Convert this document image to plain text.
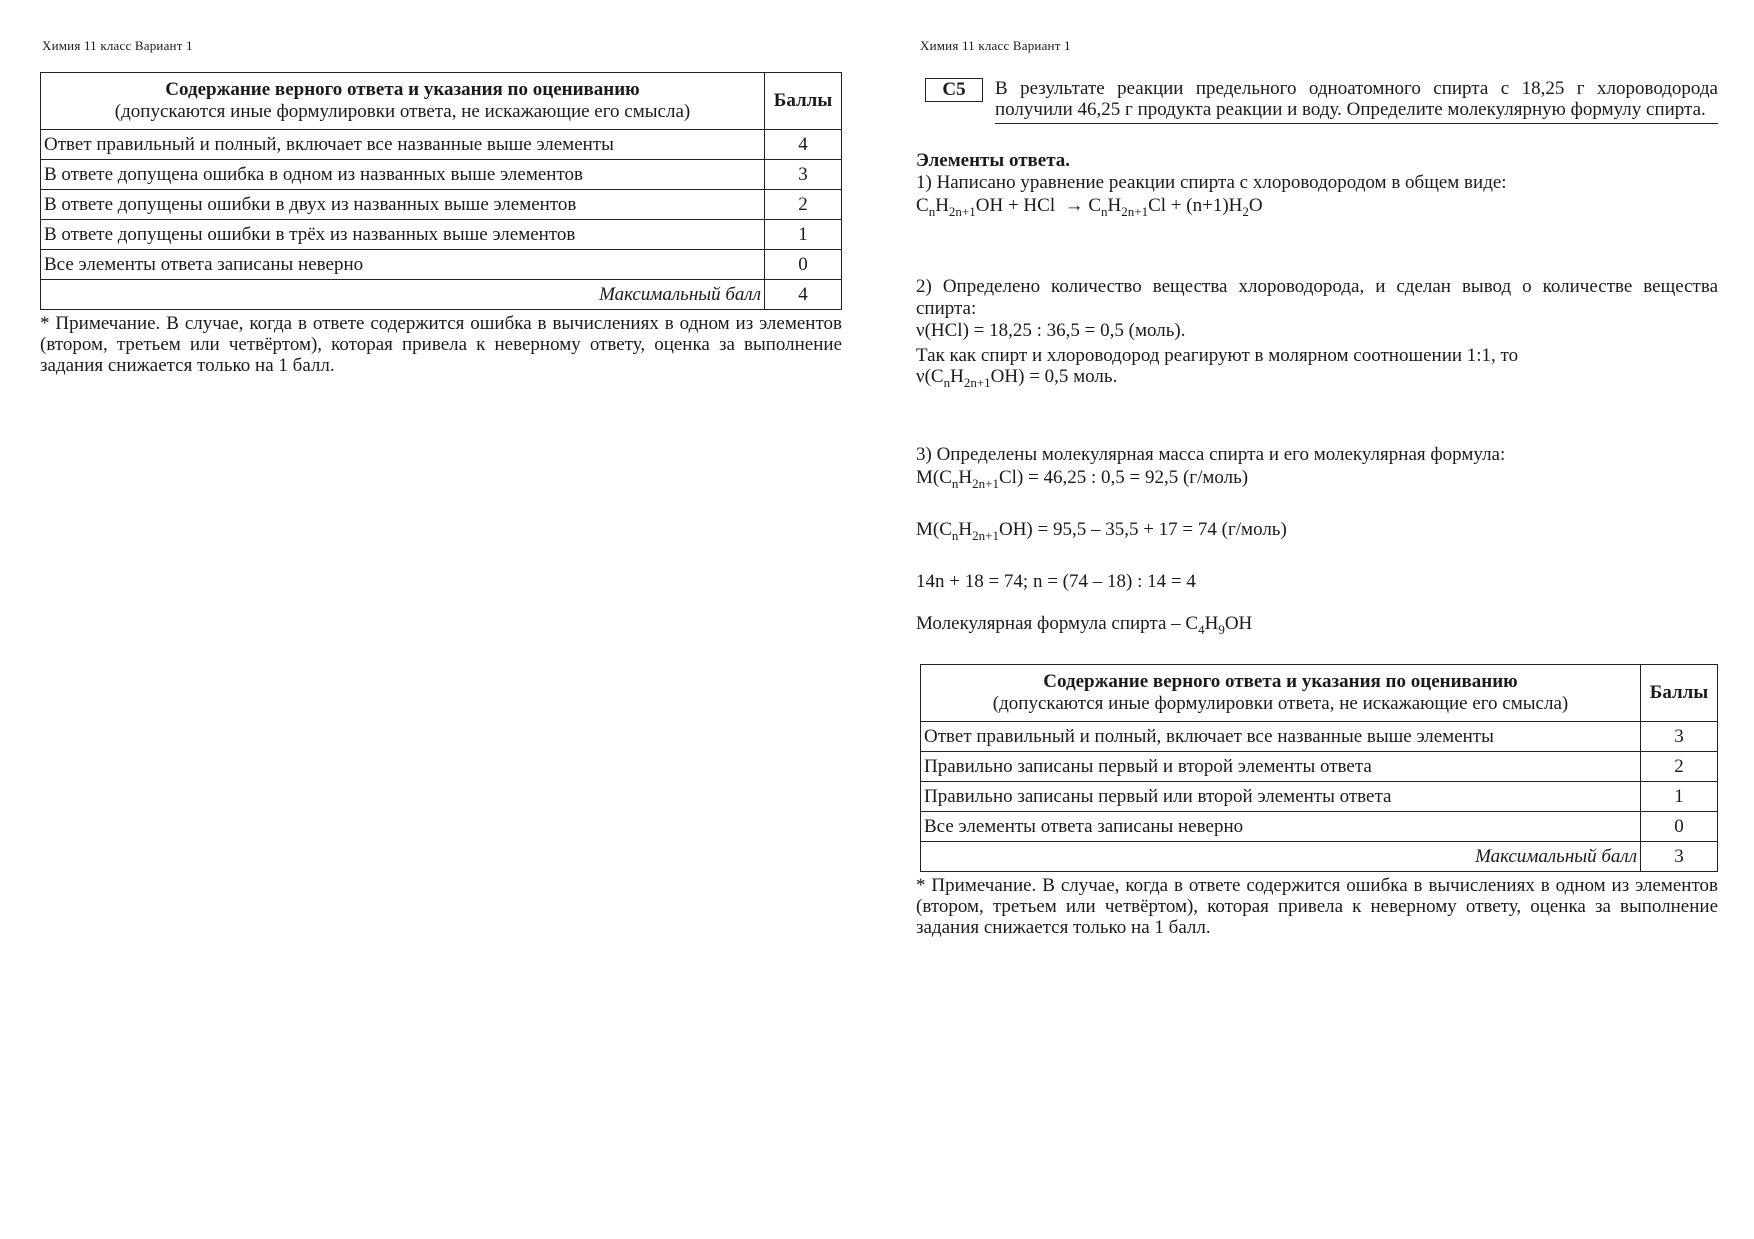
Химия 11 класс Вариант 1
Содержание верного ответа и указания по оцениванию
(допускаются иные формулировки ответа, не искажающие его смысла)	Баллы
Ответ правильный и полный, включает все названные выше элементы	4
В ответе допущена ошибка в одном из названных выше элементов	3
В ответе допущены ошибки в двух из названных выше элементов	2
В ответе допущены ошибки в трёх из названных выше элементов	1
Все элементы ответа записаны неверно	0
Максимальный балл	4
* Примечание. В случае, когда в ответе содержится ошибка в вычислениях в одном из элементов (втором, третьем или четвёртом), которая привела к неверному ответу, оценка за выполнение задания снижается только на 1 балл.
Химия 11 класс Вариант 1
C5	В результате реакции предельного одноатомного спирта с 18,25 г хлороводорода получили 46,25 г продукта реакции и воду. Определите молекулярную формулу спирта.

Элементы ответа.

1) Написано уравнение реакции спирта с хлороводородом в общем виде:

$C_nH_{2n+1}OH$ + HCl  → $C_nH_{2n+1}Cl + (n+1)H_2O$

2) Определено количество вещества хлороводорода, и сделан вывод о количестве вещества спирта:

ν(HCl) = 18,25 : 36,5 = 0,5 (моль).

Так как спирт и хлороводород реагируют в молярном соотношении 1:1, то

$\nu(C_nH_{2n+1}OH) = 0,5$ моль.

3) Определены молекулярная масса спирта и его молекулярная формула:

$M(C_nH_{2n+1}Cl) = 46,25$ : 0,5 = 92,5 (г/моль)
$M(C_nH_{2n+1}OH) = 95,5 - 35,5 + 17 = 74$ (г/моль)
14n + 18 = 74; n = (74 – 18) : 14 = 4
Молекулярная формула спирта – $C_4H_9OH$
Содержание верного ответа и указания по оцениванию
(допускаются иные формулировки ответа, не искажающие его смысла)	Баллы
Ответ правильный и полный, включает все названные выше элементы	3
Правильно записаны первый и второй элементы ответа	2
Правильно записаны первый или второй элементы ответа	1
Все элементы ответа записаны неверно	0
Максимальный балл	3
* Примечание. В случае, когда в ответе содержится ошибка в вычислениях в одном из элементов (втором, третьем или четвёртом), которая привела к неверному ответу, оценка за выполнение задания снижается только на 1 балл.
